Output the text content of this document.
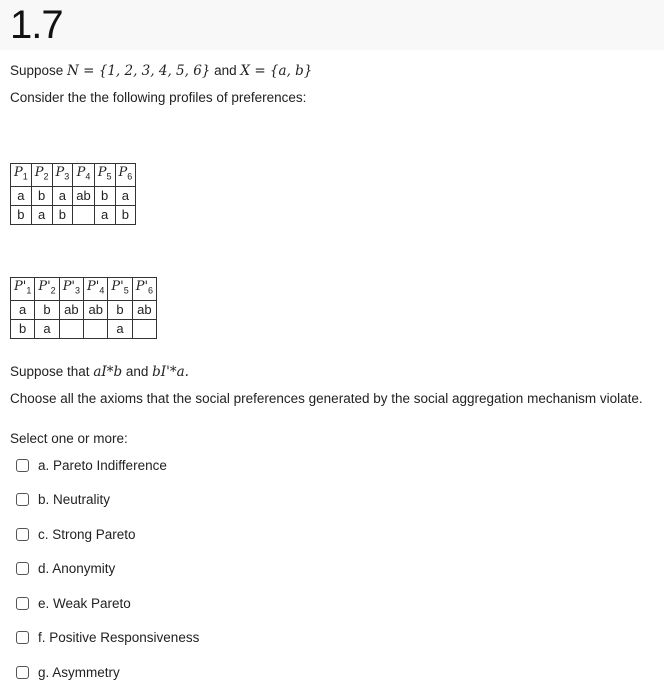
1.7
Suppose N = {1, 2, 3, 4, 5, 6} and X = {a, b}
Consider the the following profiles of preferences:
$P_1$	$P_2$	$P_3$	$P_4$	$P_5$	$P_6$
a	b	a	ab	b	a
b	a	b		a	b
$P'_1$	$P'_2$	$P'_3$	$P'_4$	$P'_5$	$P'_6$
a	b	ab	ab	b	ab
b	a			a	
Suppose that aI*b and bI'*a.
Choose all the axioms that the social preferences generated by the social aggregation mechanism violate.
Select one or more:
a. Pareto Indifference
b. Neutrality
c. Strong Pareto
d. Anonymity
e. Weak Pareto
f. Positive Responsiveness
g. Asymmetry
